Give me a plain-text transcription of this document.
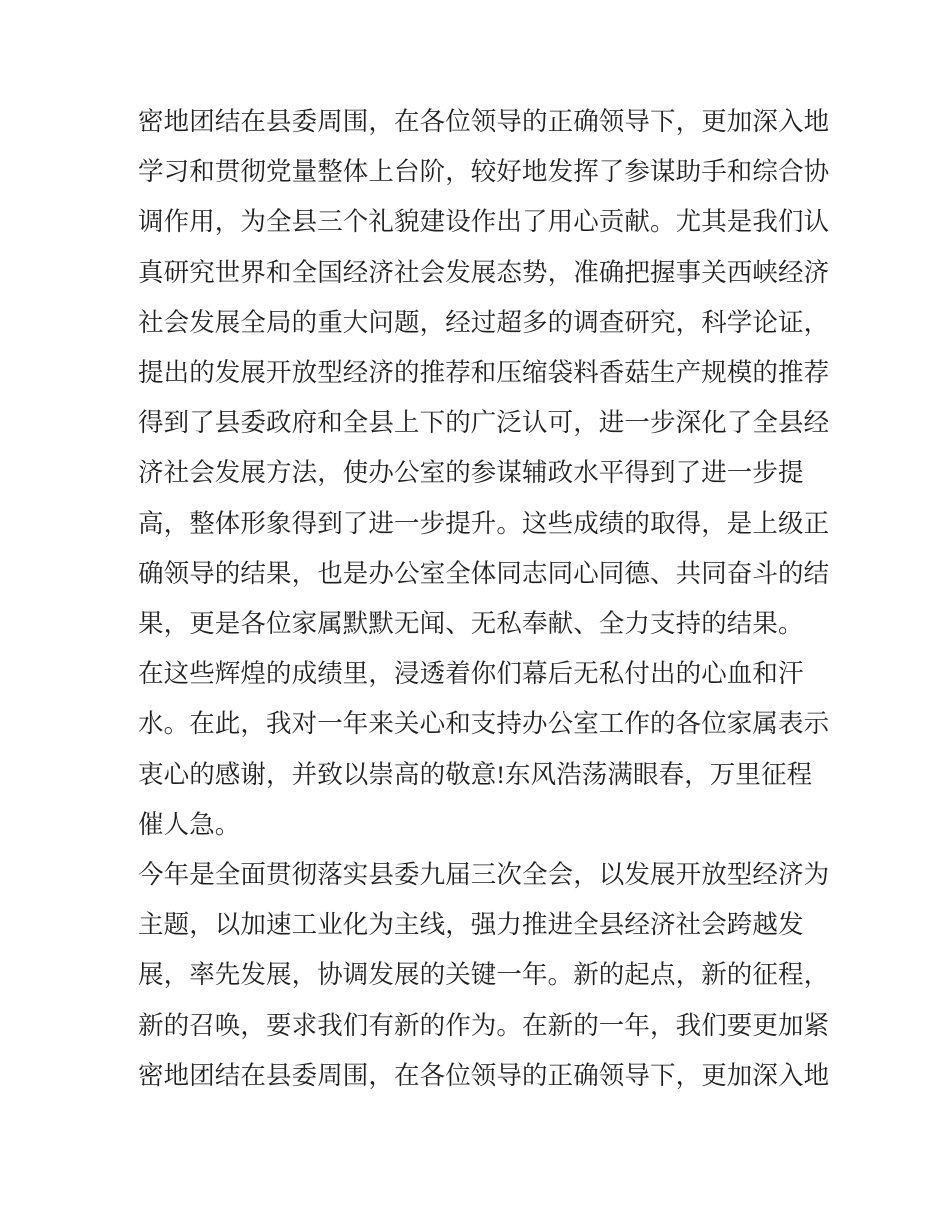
密地团结在县委周围，在各位领导的正确领导下，更加深入地
学习和贯彻党量整体上台阶，较好地发挥了参谋助手和综合协
调作用，为全县三个礼貌建设作出了用心贡献。尤其是我们认
真研究世界和全国经济社会发展态势，准确把握事关西峡经济
社会发展全局的重大问题，经过超多的调查研究，科学论证，
提出的发展开放型经济的推荐和压缩袋料香菇生产规模的推荐
得到了县委政府和全县上下的广泛认可，进一步深化了全县经
济社会发展方法，使办公室的参谋辅政水平得到了进一步提
高，整体形象得到了进一步提升。这些成绩的取得，是上级正
确领导的结果，也是办公室全体同志同心同德、共同奋斗的结
果，更是各位家属默默无闻、无私奉献、全力支持的结果。
在这些辉煌的成绩里，浸透着你们幕后无私付出的心血和汗
水。在此，我对一年来关心和支持办公室工作的各位家属表示
衷心的感谢，并致以崇高的敬意!东风浩荡满眼春，万里征程
催人急。
今年是全面贯彻落实县委九届三次全会，以发展开放型经济为
主题，以加速工业化为主线，强力推进全县经济社会跨越发
展，率先发展，协调发展的关键一年。新的起点，新的征程，
新的召唤，要求我们有新的作为。在新的一年，我们要更加紧
密地团结在县委周围，在各位领导的正确领导下，更加深入地
